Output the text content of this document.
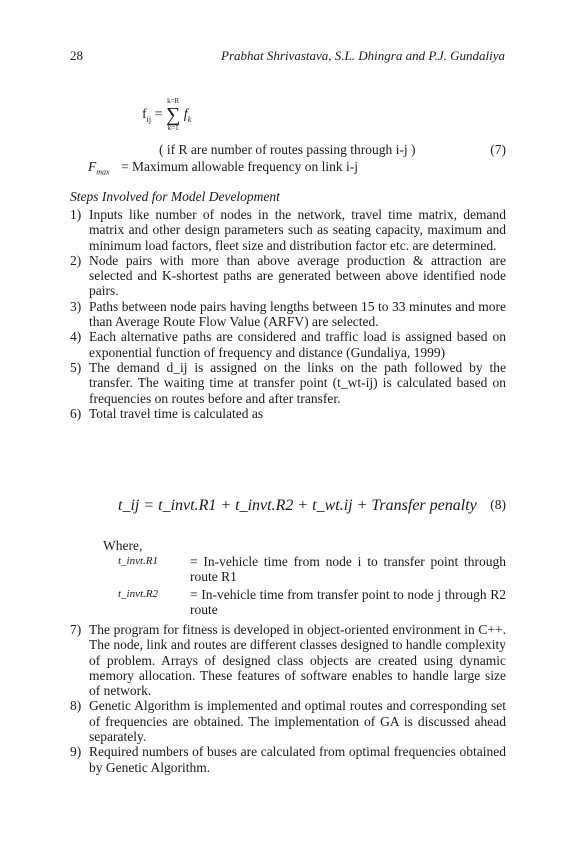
28	Prabhat Shrivastava, S.L. Dhingra and P.J. Gundaliya
$f_{ij}$ =
k=R
∑
k=1
$f_k$
( if R are number of routes passing through i-j )	(7)
$F_{max}$ = Maximum allowable frequency on link i-j
Steps Involved for Model Development
1) Inputs like number of nodes in the network, travel time matrix, demand matrix and other design parameters such as seating capacity, maximum and minimum load factors, fleet size and distribution factor etc. are determined.
2) Node pairs with more than above average production & attraction are selected and K-shortest paths are generated between above identified node pairs.
3) Paths between node pairs having lengths between 15 to 33 minutes and more than Average Route Flow Value (ARFV) are selected.
4) Each alternative paths are considered and traffic load is assigned based on exponential function of frequency and distance (Gundaliya, 1999)
5) The demand d_ij is assigned on the links on the path followed by the transfer. The waiting time at transfer point (t_wt-ij) is calculated based on frequencies on routes before and after transfer.
6) Total travel time is calculated as
t_ij = t_invt.R1 + t_invt.R2 + t_wt.ij + Transfer penalty (8)
Where,
t_invt.R1 = In-vehicle time from node i to transfer point through route R1
t_invt.R2 = In-vehicle time from transfer point to node j through R2 route
7) The program for fitness is developed in object-oriented environment in C++. The node, link and routes are different classes designed to handle complexity of problem. Arrays of designed class objects are created using dynamic memory allocation. These features of software enables to handle large size of network.
8) Genetic Algorithm is implemented and optimal routes and corresponding set of frequencies are obtained. The implementation of GA is discussed ahead separately.
9) Required numbers of buses are calculated from optimal frequencies obtained by Genetic Algorithm.
